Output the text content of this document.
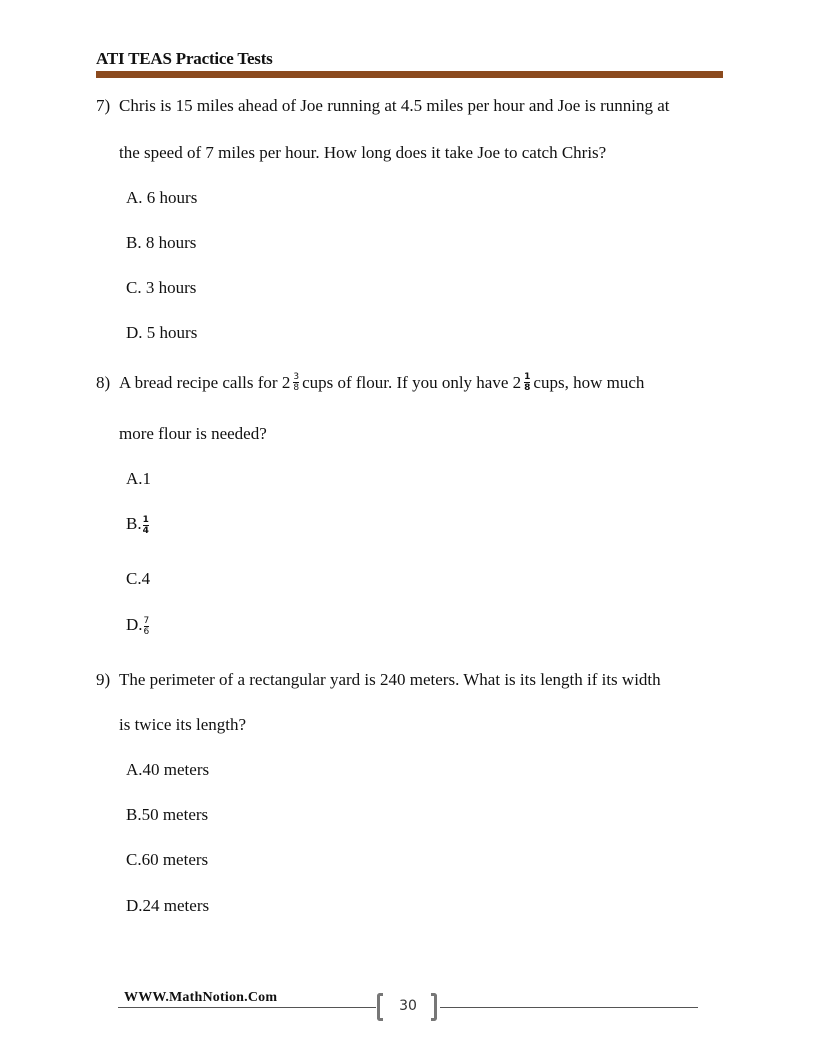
ATI TEAS Practice Tests
7) Chris is 15 miles ahead of Joe running at 4.5 miles per hour and Joe is running at
the speed of 7 miles per hour. How long does it take Joe to catch Chris?
A. 6 hours
B. 8 hours
C. 3 hours
D. 5 hours
8) A bread recipe calls for $2 \frac{3}{8}$ cups of flour. If you only have $2 \frac{1}{8}$ cups, how much
more flour is needed?
A.1
B. $\frac{1}{4}$
C.4
D. $\frac{7}{6}$
9) The perimeter of a rectangular yard is 240 meters. What is its length if its width
is twice its length?
A.40 meters
B.50 meters
C.60 meters
D.24 meters
WWW.MathNotion.Com
30
